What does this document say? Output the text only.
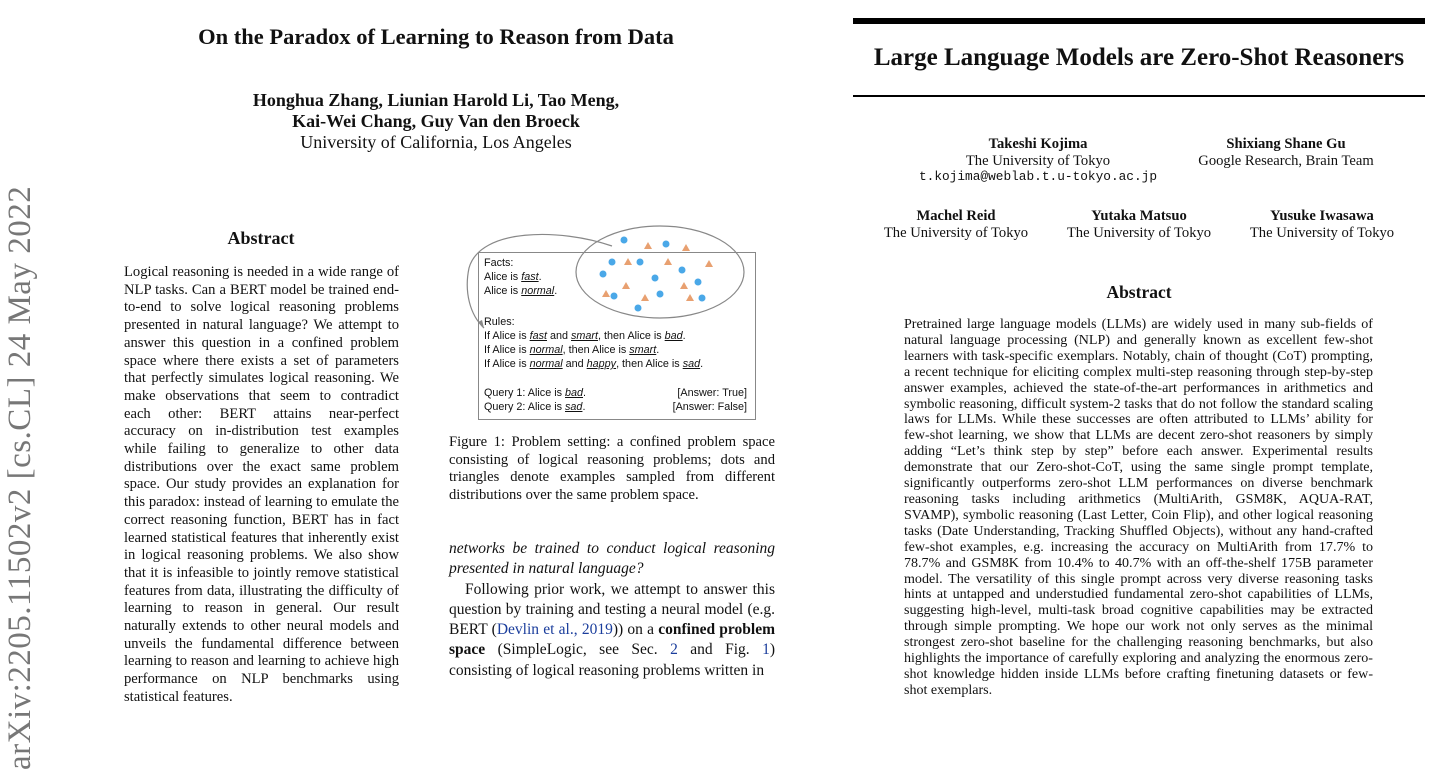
arXiv:2205.11502v2 [cs.CL] 24 May 2022
On the Paradox of Learning to Reason from Data
Honghua Zhang, Liunian Harold Li, Tao Meng,
Kai-Wei Chang, Guy Van den Broeck
University of California, Los Angeles
Abstract
Logical reasoning is needed in a wide range of NLP tasks. Can a BERT model be trained end-to-end to solve logical reasoning problems presented in natural language? We attempt to answer this question in a confined problem space where there exists a set of parameters that perfectly simulates logical reasoning. We make observations that seem to contradict each other: BERT attains near-perfect accuracy on in-distribution test examples while failing to generalize to other data distributions over the exact same problem space. Our study provides an explanation for this paradox: instead of learning to emulate the correct reasoning function, BERT has in fact learned statistical features that inherently exist in logical reasoning problems. We also show that it is infeasible to jointly remove statistical features from data, illustrating the difficulty of learning to reason in general. Our result naturally extends to other neural models and unveils the fundamental difference between learning to reason and learning to achieve high performance on NLP benchmarks using statistical features.
Facts:
Alice is fast.
Alice is normal.
Rules:
If Alice is fast and smart, then Alice is bad.
If Alice is normal, then Alice is smart.
If Alice is normal and happy, then Alice is sad.
Query 1: Alice is bad.	[Answer: True]
Query 2: Alice is sad.	[Answer: False]
Figure 1: Problem setting: a confined problem space consisting of logical reasoning problems; dots and triangles denote examples sampled from different distributions over the same problem space.
networks be trained to conduct logical reasoning presented in natural language?
Following prior work, we attempt to answer this question by training and testing a neural model (e.g. BERT (Devlin et al., 2019)) on a confined problem space (SimpleLogic, see Sec. 2 and Fig. 1) consisting of logical reasoning problems written in
Large Language Models are Zero-Shot Reasoners
Takeshi Kojima
The University of Tokyo
t.kojima@weblab.t.u-tokyo.ac.jp
Shixiang Shane Gu
Google Research, Brain Team
Machel Reid
The University of Tokyo
Yutaka Matsuo
The University of Tokyo
Yusuke Iwasawa
The University of Tokyo
Abstract
Pretrained large language models (LLMs) are widely used in many sub-fields of natural language processing (NLP) and generally known as excellent few-shot learners with task-specific exemplars. Notably, chain of thought (CoT) prompting, a recent technique for eliciting complex multi-step reasoning through step-by-step answer examples, achieved the state-of-the-art performances in arithmetics and symbolic reasoning, difficult system-2 tasks that do not follow the standard scaling laws for LLMs. While these successes are often attributed to LLMs’ ability for few-shot learning, we show that LLMs are decent zero-shot reasoners by simply adding “Let’s think step by step” before each answer. Experimental results demonstrate that our Zero-shot-CoT, using the same single prompt template, significantly outperforms zero-shot LLM performances on diverse benchmark reasoning tasks including arithmetics (MultiArith, GSM8K, AQUA-RAT, SVAMP), symbolic reasoning (Last Letter, Coin Flip), and other logical reasoning tasks (Date Understanding, Tracking Shuffled Objects), without any hand-crafted few-shot examples, e.g. increasing the accuracy on MultiArith from 17.7% to 78.7% and GSM8K from 10.4% to 40.7% with an off-the-shelf 175B parameter model. The versatility of this single prompt across very diverse reasoning tasks hints at untapped and understudied fundamental zero-shot capabilities of LLMs, suggesting high-level, multi-task broad cognitive capabilities may be extracted through simple prompting. We hope our work not only serves as the minimal strongest zero-shot baseline for the challenging reasoning benchmarks, but also highlights the importance of carefully exploring and analyzing the enormous zero-shot knowledge hidden inside LLMs before crafting finetuning datasets or few-shot exemplars.
